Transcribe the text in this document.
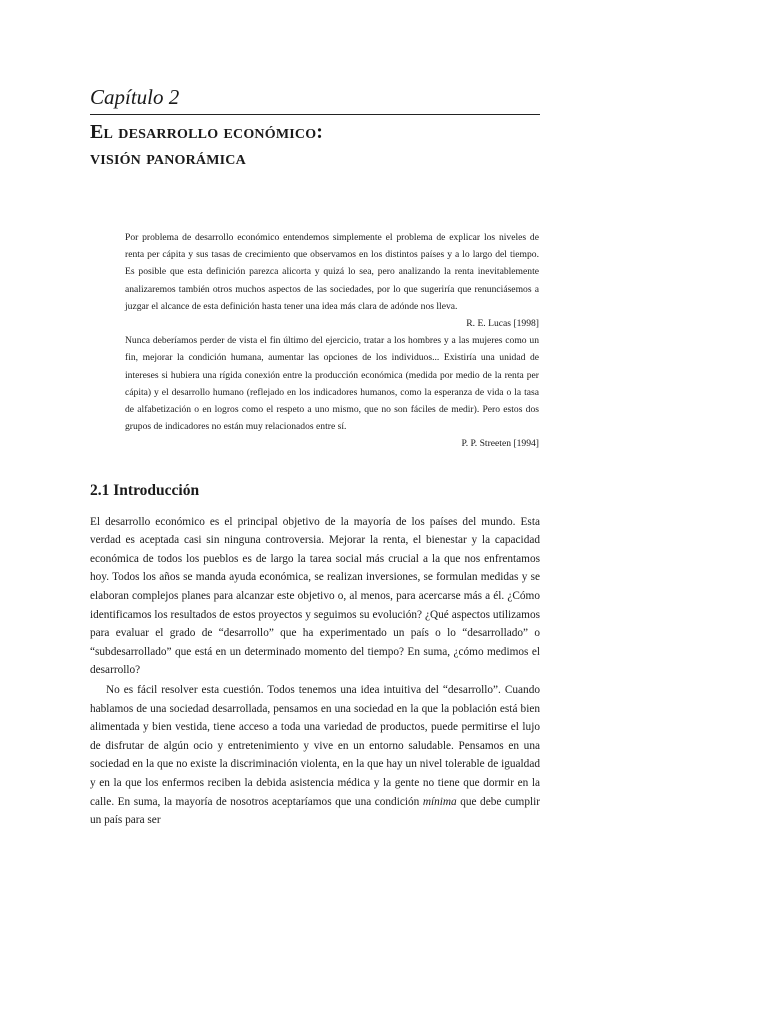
Capítulo 2

El desarrollo económico:
visión panorámica

Por problema de desarrollo económico entendemos simplemente el problema de explicar los niveles de renta per cápita y sus tasas de crecimiento que observamos en los distintos países y a lo largo del tiempo. Es posible que esta definición parezca alicorta y quizá lo sea, pero analizando la renta inevitablemente analizaremos también otros muchos aspectos de las sociedades, por lo que sugeriría que renunciásemos a juzgar el alcance de esta definición hasta tener una idea más clara de adónde nos lleva.

R. E. Lucas [1998]

Nunca deberíamos perder de vista el fin último del ejercicio, tratar a los hombres y a las mujeres como un fin, mejorar la condición humana, aumentar las opciones de los individuos... Existiría una unidad de intereses si hubiera una rígida conexión entre la producción económica (medida por medio de la renta per cápita) y el desarrollo humano (reflejado en los indicadores humanos, como la esperanza de vida o la tasa de alfabetización o en logros como el respeto a uno mismo, que no son fáciles de medir). Pero estos dos grupos de indicadores no están muy relacionados entre sí.

P. P. Streeten [1994]

2.1 Introducción

El desarrollo económico es el principal objetivo de la mayoría de los países del mundo. Esta verdad es aceptada casi sin ninguna controversia. Mejorar la renta, el bienestar y la capacidad económica de todos los pueblos es de largo la tarea social más crucial a la que nos enfrentamos hoy. Todos los años se manda ayuda económica, se realizan inversiones, se formulan medidas y se elaboran complejos planes para alcanzar este objetivo o, al menos, para acercarse más a él. ¿Cómo identificamos los resultados de estos proyectos y seguimos su evolución? ¿Qué aspectos utilizamos para evaluar el grado de “desarrollo” que ha experimentado un país o lo “desarrollado” o “subdesarrollado” que está en un determinado momento del tiempo? En suma, ¿cómo medimos el desarrollo?

No es fácil resolver esta cuestión. Todos tenemos una idea intuitiva del “desarrollo”. Cuando hablamos de una sociedad desarrollada, pensamos en una sociedad en la que la población está bien alimentada y bien vestida, tiene acceso a toda una variedad de productos, puede permitirse el lujo de disfrutar de algún ocio y entretenimiento y vive en un entorno saludable. Pensamos en una sociedad en la que no existe la discriminación violenta, en la que hay un nivel tolerable de igualdad y en la que los enfermos reciben la debida asistencia médica y la gente no tiene que dormir en la calle. En suma, la mayoría de nosotros aceptaríamos que una condición mínima que debe cumplir un país para ser
